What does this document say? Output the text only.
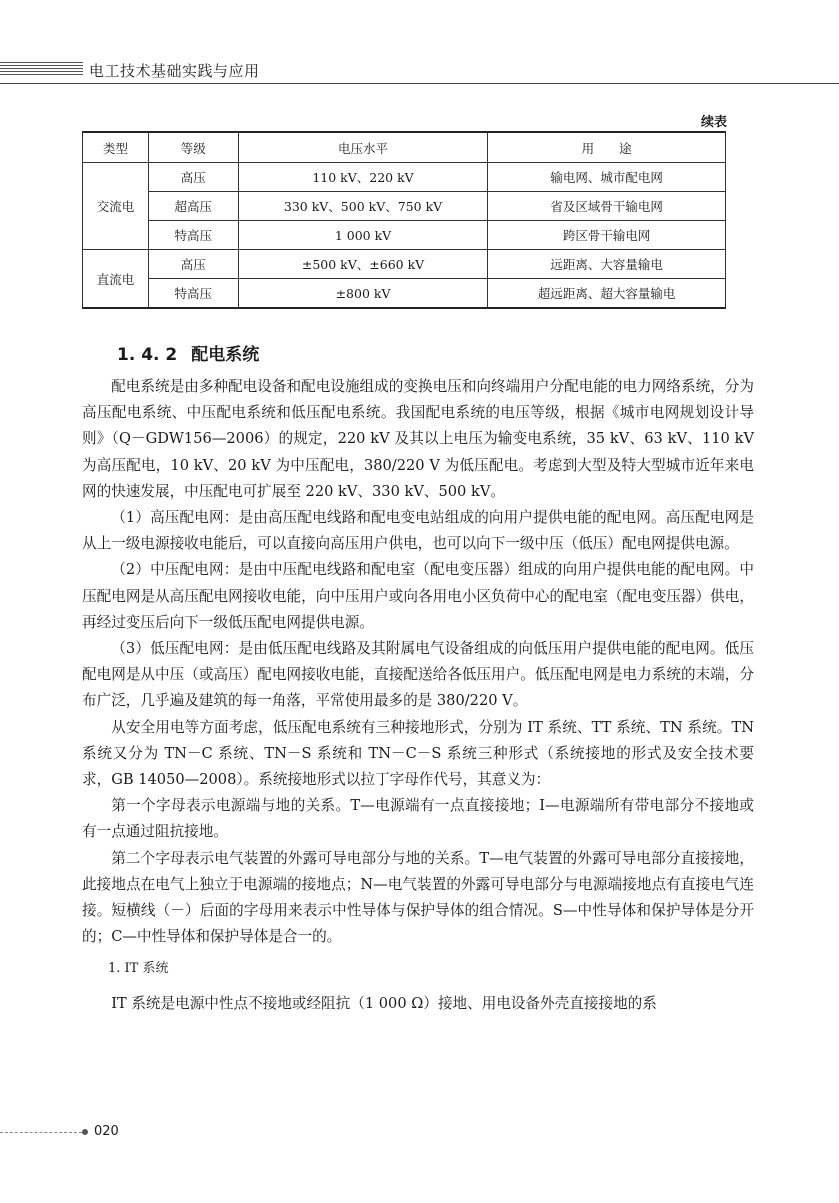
电工技术基础实践与应用
续表
类型	等级	电压水平	用　　途
交流电	高压	110 kV、220 kV	输电网、城市配电网
	超高压	330 kV、500 kV、750 kV	省及区域骨干输电网
	特高压	1 000 kV	跨区骨干输电网
直流电	高压	±500 kV、±660 kV	远距离、大容量输电
	特高压	±800 kV	超远距离、超大容量输电
1. 4. 2 配电系统

配电系统是由多种配电设备和配电设施组成的变换电压和向终端用户分配电能的电力网络系统，分为高压配电系统、中压配电系统和低压配电系统。我国配电系统的电压等级，根据《城市电网规划设计导则》（Q－GDW156—2006）的规定，220 kV 及其以上电压为输变电系统，35 kV、63 kV、110 kV 为高压配电，10 kV、20 kV 为中压配电，380/220 V 为低压配电。考虑到大型及特大型城市近年来电网的快速发展，中压配电可扩展至 220 kV、330 kV、500 kV。

（1）高压配电网：是由高压配电线路和配电变电站组成的向用户提供电能的配电网。高压配电网是从上一级电源接收电能后，可以直接向高压用户供电，也可以向下一级中压（低压）配电网提供电源。

（2）中压配电网：是由中压配电线路和配电室（配电变压器）组成的向用户提供电能的配电网。中压配电网是从高压配电网接收电能，向中压用户或向各用电小区负荷中心的配电室（配电变压器）供电，再经过变压后向下一级低压配电网提供电源。

（3）低压配电网：是由低压配电线路及其附属电气设备组成的向低压用户提供电能的配电网。低压配电网是从中压（或高压）配电网接收电能，直接配送给各低压用户。低压配电网是电力系统的末端，分布广泛，几乎遍及建筑的每一角落，平常使用最多的是 380/220 V。

从安全用电等方面考虑，低压配电系统有三种接地形式，分别为 IT 系统、TT 系统、TN 系统。TN 系统又分为 TN－C 系统、TN－S 系统和 TN－C－S 系统三种形式（系统接地的形式及安全技术要求，GB 14050—2008）。系统接地形式以拉丁字母作代号，其意义为：

第一个字母表示电源端与地的关系。T—电源端有一点直接接地；I—电源端所有带电部分不接地或有一点通过阻抗接地。

第二个字母表示电气装置的外露可导电部分与地的关系。T—电气装置的外露可导电部分直接接地，此接地点在电气上独立于电源端的接地点；N—电气装置的外露可导电部分与电源端接地点有直接电气连接。短横线（－）后面的字母用来表示中性导体与保护导体的组合情况。S—中性导体和保护导体是分开的；C—中性导体和保护导体是合一的。

1. IT 系统

IT 系统是电源中性点不接地或经阻抗（1 000 Ω）接地、用电设备外壳直接接地的系

020
